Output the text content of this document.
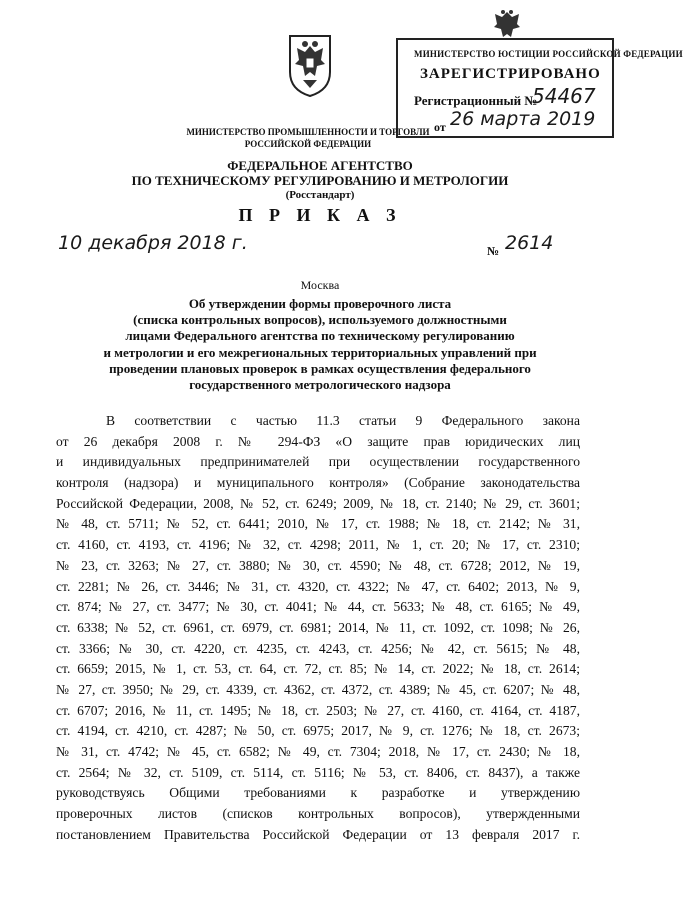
МИНИСТЕРСТВО ЮСТИЦИИ РОССИЙСКОЙ ФЕДЕРАЦИИ
ЗАРЕГИСТРИРОВАНО
Регистрационный №
54467
от 26 марта 2019
МИНИСТЕРСТВО ПРОМЫШЛЕННОСТИ И ТОРГОВЛИ
РОССИЙСКОЙ ФЕДЕРАЦИИ
ФЕДЕРАЛЬНОЕ АГЕНТСТВО
ПО ТЕХНИЧЕСКОМУ РЕГУЛИРОВАНИЮ И МЕТРОЛОГИИ
(Росстандарт)
П Р И К А З
10 декабря 2018 г.	№ 2614
Москва
Об утверждении формы проверочного листа
(списка контрольных вопросов), используемого должностными
лицами Федерального агентства по техническому регулированию
и метрологии и его межрегиональных территориальных управлений при
проведении плановых проверок в рамках осуществления федерального
государственного метрологического надзора
В соответствии с частью 11.3 статьи 9 Федерального закона
от 26 декабря 2008 г. № 294-ФЗ «О защите прав юридических лиц
и индивидуальных предпринимателей при осуществлении государственного
контроля (надзора) и муниципального контроля» (Собрание законодательства
Российской Федерации, 2008, № 52, ст. 6249; 2009, № 18, ст. 2140; № 29, ст. 3601;
№ 48, ст. 5711; № 52, ст. 6441; 2010, № 17, ст. 1988; № 18, ст. 2142; № 31,
ст. 4160, ст. 4193, ст. 4196; № 32, ст. 4298; 2011, № 1, ст. 20; № 17, ст. 2310;
№ 23, ст. 3263; № 27, ст. 3880; № 30, ст. 4590; № 48, ст. 6728; 2012, № 19,
ст. 2281; № 26, ст. 3446; № 31, ст. 4320, ст. 4322; № 47, ст. 6402; 2013, № 9,
ст. 874; № 27, ст. 3477; № 30, ст. 4041; № 44, ст. 5633; № 48, ст. 6165; № 49,
ст. 6338; № 52, ст. 6961, ст. 6979, ст. 6981; 2014, № 11, ст. 1092, ст. 1098; № 26,
ст. 3366; № 30, ст. 4220, ст. 4235, ст. 4243, ст. 4256; № 42, ст. 5615; № 48,
ст. 6659; 2015, № 1, ст. 53, ст. 64, ст. 72, ст. 85; № 14, ст. 2022; № 18, ст. 2614;
№ 27, ст. 3950; № 29, ст. 4339, ст. 4362, ст. 4372, ст. 4389; № 45, ст. 6207; № 48,
ст. 6707; 2016, № 11, ст. 1495; № 18, ст. 2503; № 27, ст. 4160, ст. 4164, ст. 4187,
ст. 4194, ст. 4210, ст. 4287; № 50, ст. 6975; 2017, № 9, ст. 1276; № 18, ст. 2673;
№ 31, ст. 4742; № 45, ст. 6582; № 49, ст. 7304; 2018, № 17, ст. 2430; № 18,
ст. 2564; № 32, ст. 5109, ст. 5114, ст. 5116; № 53, ст. 8406, ст. 8437), а также
руководствуясь Общими требованиями к разработке и утверждению
проверочных листов (списков контрольных вопросов), утвержденными
постановлением Правительства Российской Федерации от 13 февраля 2017 г.
